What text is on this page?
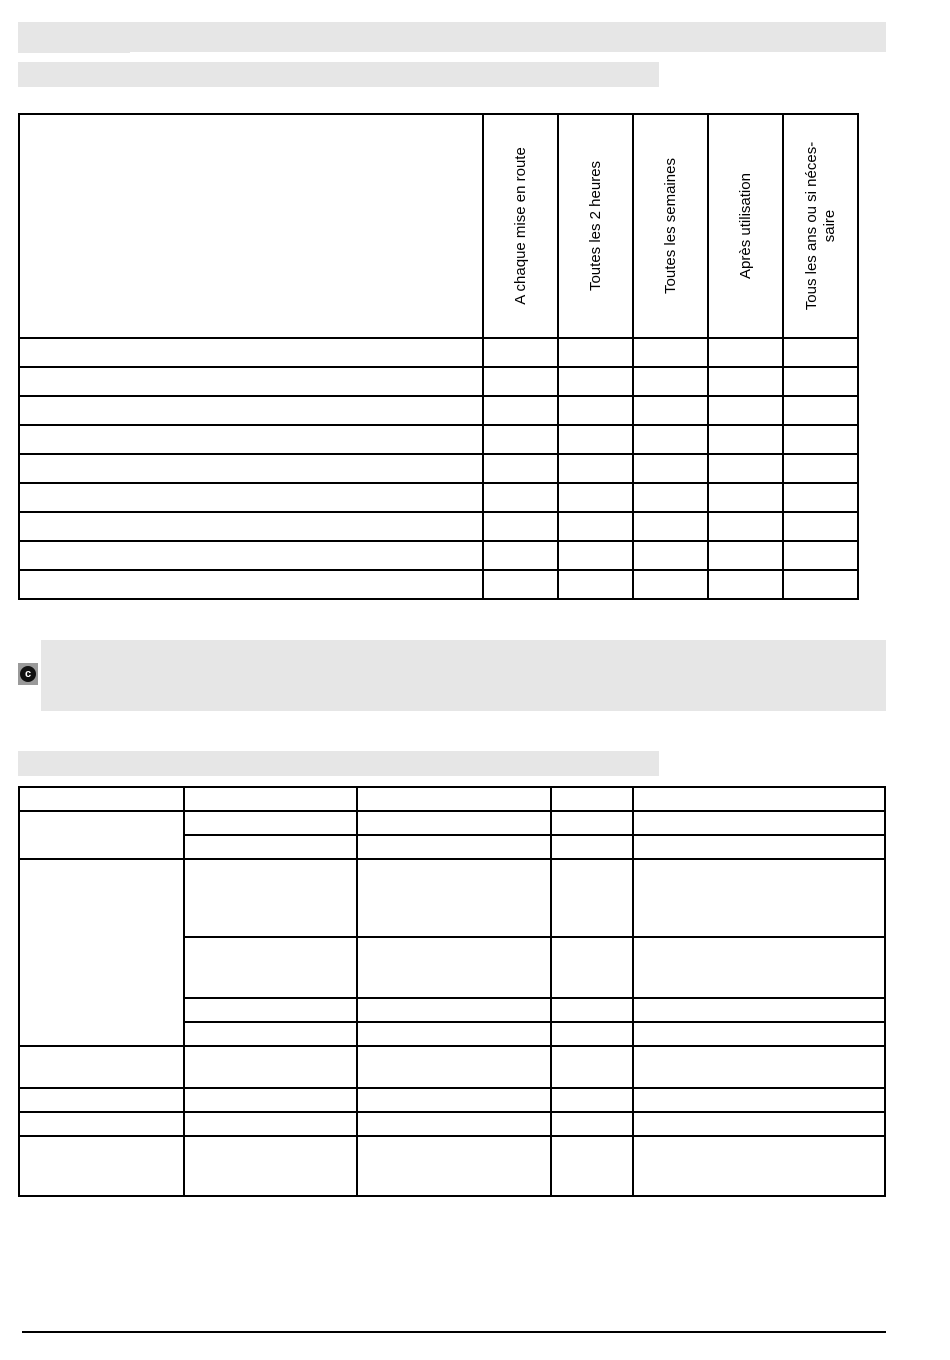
	A chaque mise en route	Toutes les 2 heures	Toutes les semaines	Après utilisation	Tous les ans ou si néces-
saire

c
